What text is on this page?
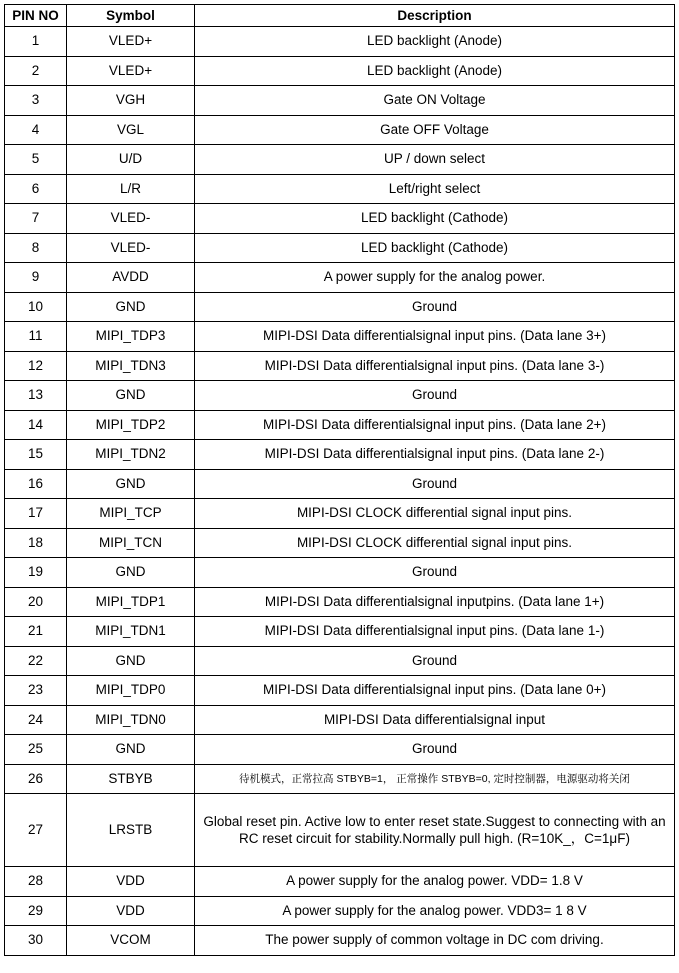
PIN NO	Symbol	Description
1	VLED+	LED backlight (Anode)
2	VLED+	LED backlight (Anode)
3	VGH	Gate ON Voltage
4	VGL	Gate OFF Voltage
5	U/D	UP / down select
6	L/R	Left/right select
7	VLED-	LED backlight (Cathode)
8	VLED-	LED backlight (Cathode)
9	AVDD	A power supply for the analog power.
10	GND	Ground
11	MIPI_TDP3	MIPI-DSI Data differentialsignal input pins. (Data lane 3+)
12	MIPI_TDN3	MIPI-DSI Data differentialsignal input pins. (Data lane 3-)
13	GND	Ground
14	MIPI_TDP2	MIPI-DSI Data differentialsignal input pins. (Data lane 2+)
15	MIPI_TDN2	MIPI-DSI Data differentialsignal input pins. (Data lane 2-)
16	GND	Ground
17	MIPI_TCP	MIPI-DSI CLOCK differential signal input pins.
18	MIPI_TCN	MIPI-DSI CLOCK differential signal input pins.
19	GND	Ground
20	MIPI_TDP1	MIPI-DSI Data differentialsignal inputpins. (Data lane 1+)
21	MIPI_TDN1	MIPI-DSI Data differentialsignal input pins. (Data lane 1-)
22	GND	Ground
23	MIPI_TDP0	MIPI-DSI Data differentialsignal input pins. (Data lane 0+)
24	MIPI_TDN0	MIPI-DSI Data differentialsignal input
25	GND	Ground
26	STBYB	待机模式，正常拉高 STBYB=1， 正常操作 STBYB=0, 定时控制器，电源驱动将关闭
27	LRSTB	Global reset pin. Active low to enter reset state.Suggest to connecting with an RC reset circuit for stability.Normally pull high. (R=10K_，C=1μF)
28	VDD	A power supply for the analog power. VDD= 1.8 V
29	VDD	A power supply for the analog power. VDD3= 1 8 V
30	VCOM	The power supply of common voltage in DC com driving.
